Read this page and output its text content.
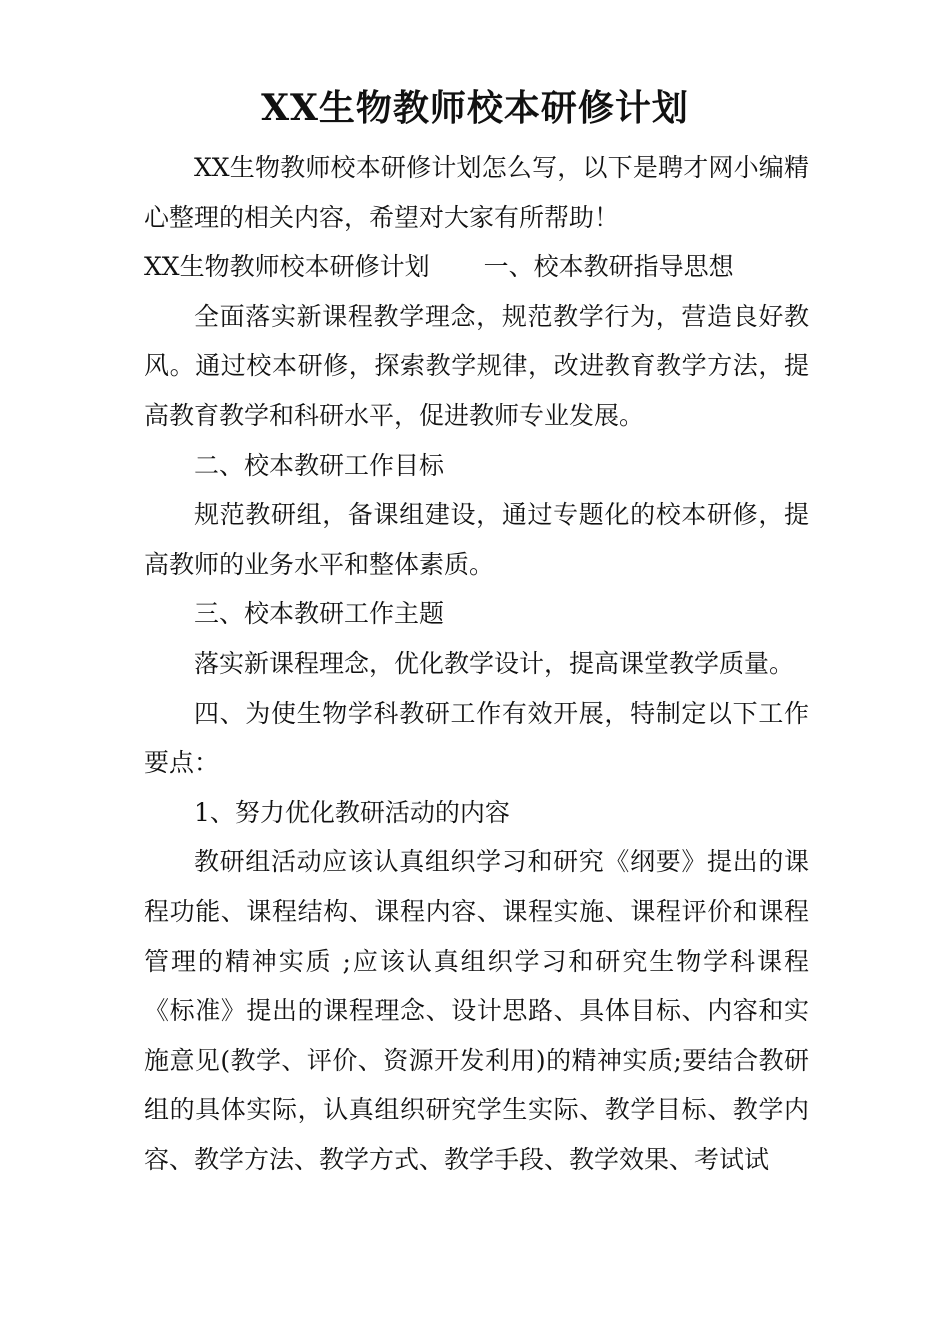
XX生物教师校本研修计划

XX生物教师校本研修计划怎么写，以下是聘才网小编精心整理的相关内容，希望对大家有所帮助！

XX生物教师校本研修计划 一、校本教研指导思想

全面落实新课程教学理念，规范教学行为，营造良好教风。通过校本研修，探索教学规律，改进教育教学方法，提高教育教学和科研水平，促进教师专业发展。

二、校本教研工作目标

规范教研组，备课组建设，通过专题化的校本研修，提高教师的业务水平和整体素质。

三、校本教研工作主题

落实新课程理念，优化教学设计，提高课堂教学质量。

四、为使生物学科教研工作有效开展，特制定以下工作要点：

1、努力优化教研活动的内容

教研组活动应该认真组织学习和研究《纲要》提出的课程功能、课程结构、课程内容、课程实施、课程评价和课程管理的精神实质 ;应该认真组织学习和研究生物学科课程《标准》提出的课程理念、设计思路、具体目标、内容和实施意见(教学、评价、资源开发利用)的精神实质;要结合教研组的具体实际，认真组织研究学生实际、教学目标、教学内容、教学方法、教学方式、教学手段、教学效果、考试试
